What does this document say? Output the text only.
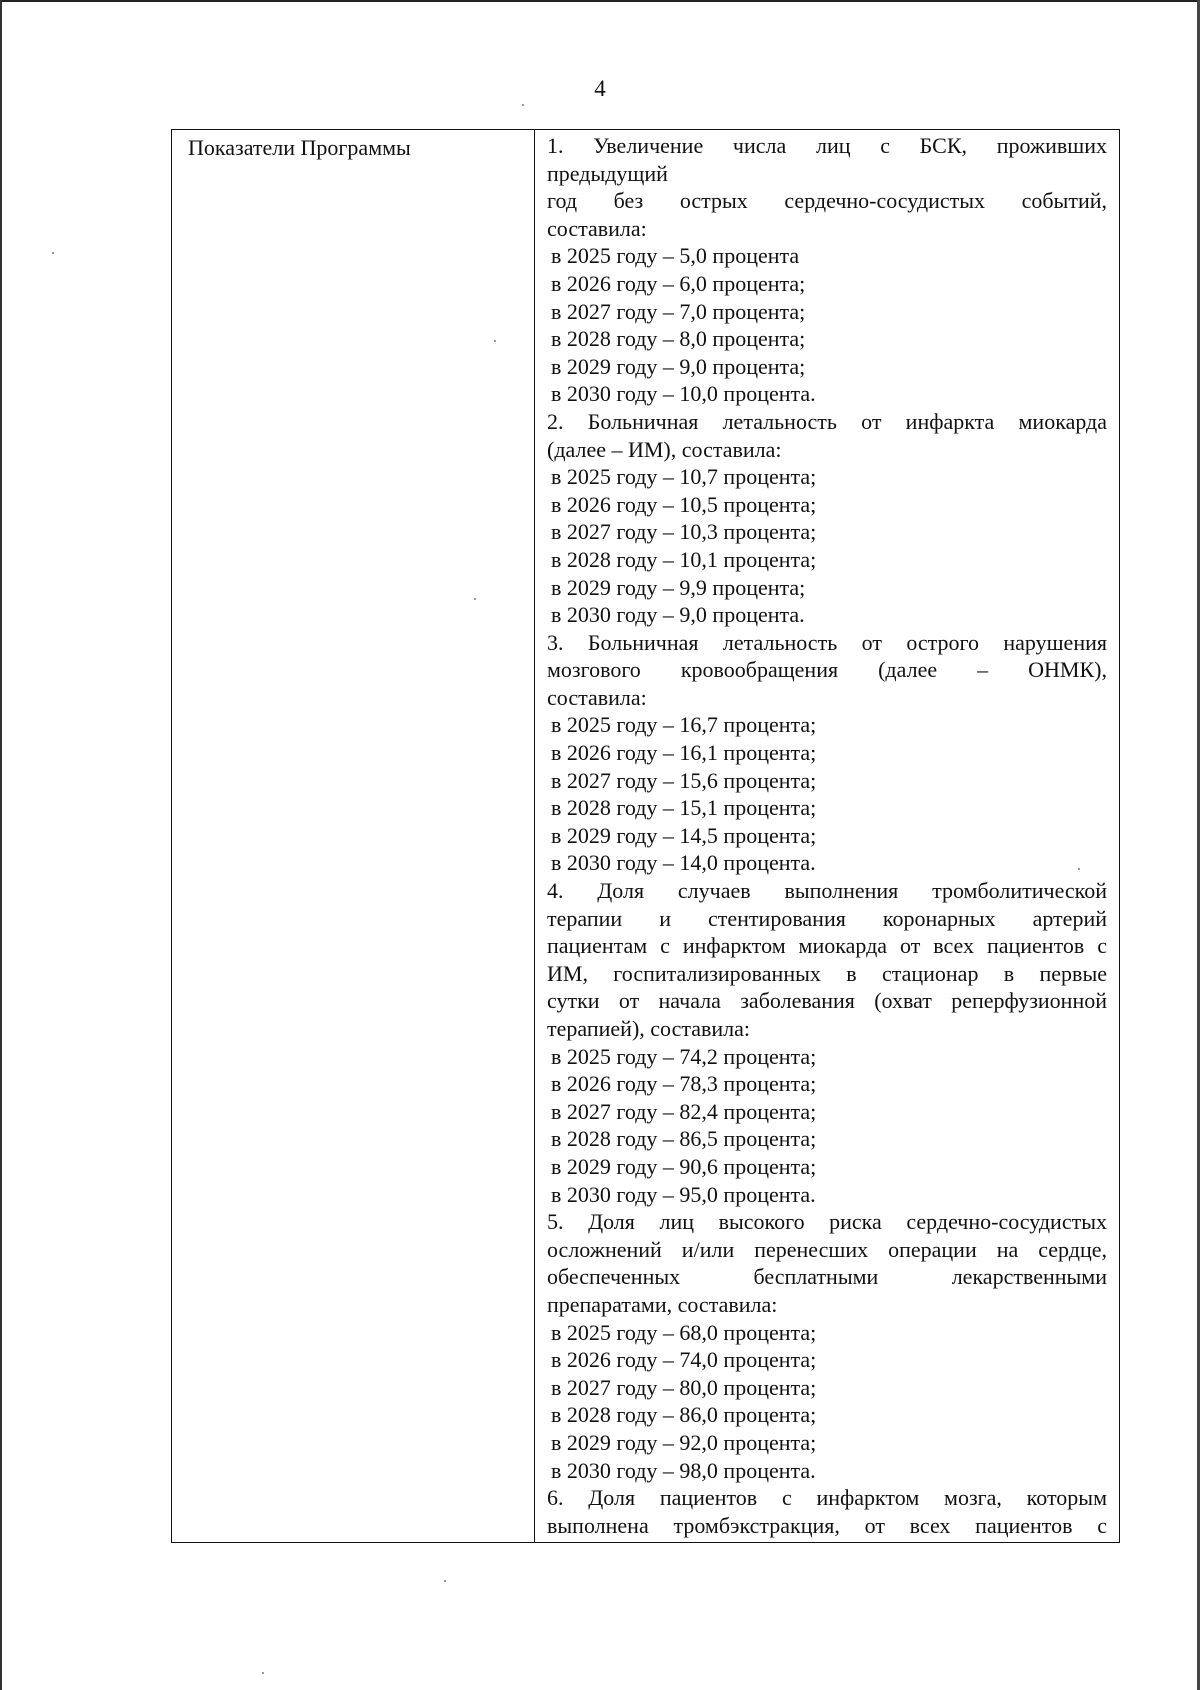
4
Показатели Программы	1. Увеличение числа лиц с БСК, проживших
предыдущий
год без острых сердечно-сосудистых событий,
составила:
в 2025 году – 5,0 процента
в 2026 году – 6,0 процента;
в 2027 году – 7,0 процента;
в 2028 году – 8,0 процента;
в 2029 году – 9,0 процента;
в 2030 году – 10,0 процента.
2. Больничная летальность от инфаркта миокарда
(далее – ИМ), составила:
в 2025 году – 10,7 процента;
в 2026 году – 10,5 процента;
в 2027 году – 10,3 процента;
в 2028 году – 10,1 процента;
в 2029 году – 9,9 процента;
в 2030 году – 9,0 процента.
3. Больничная летальность от острого нарушения
мозгового кровообращения (далее – ОНМК),
составила:
в 2025 году – 16,7 процента;
в 2026 году – 16,1 процента;
в 2027 году – 15,6 процента;
в 2028 году – 15,1 процента;
в 2029 году – 14,5 процента;
в 2030 году – 14,0 процента.
4. Доля случаев выполнения тромболитической
терапии и стентирования коронарных артерий
пациентам с инфарктом миокарда от всех пациентов с
ИМ, госпитализированных в стационар в первые
сутки от начала заболевания (охват реперфузионной
терапией), составила:
в 2025 году – 74,2 процента;
в 2026 году – 78,3 процента;
в 2027 году – 82,4 процента;
в 2028 году – 86,5 процента;
в 2029 году – 90,6 процента;
в 2030 году – 95,0 процента.
5. Доля лиц высокого риска сердечно-сосудистых
осложнений и/или перенесших операции на сердце,
обеспеченных бесплатными лекарственными
препаратами, составила:
в 2025 году – 68,0 процента;
в 2026 году – 74,0 процента;
в 2027 году – 80,0 процента;
в 2028 году – 86,0 процента;
в 2029 году – 92,0 процента;
в 2030 году – 98,0 процента.
6. Доля пациентов с инфарктом мозга, которым
выполнена тромбэкстракция, от всех пациентов с
